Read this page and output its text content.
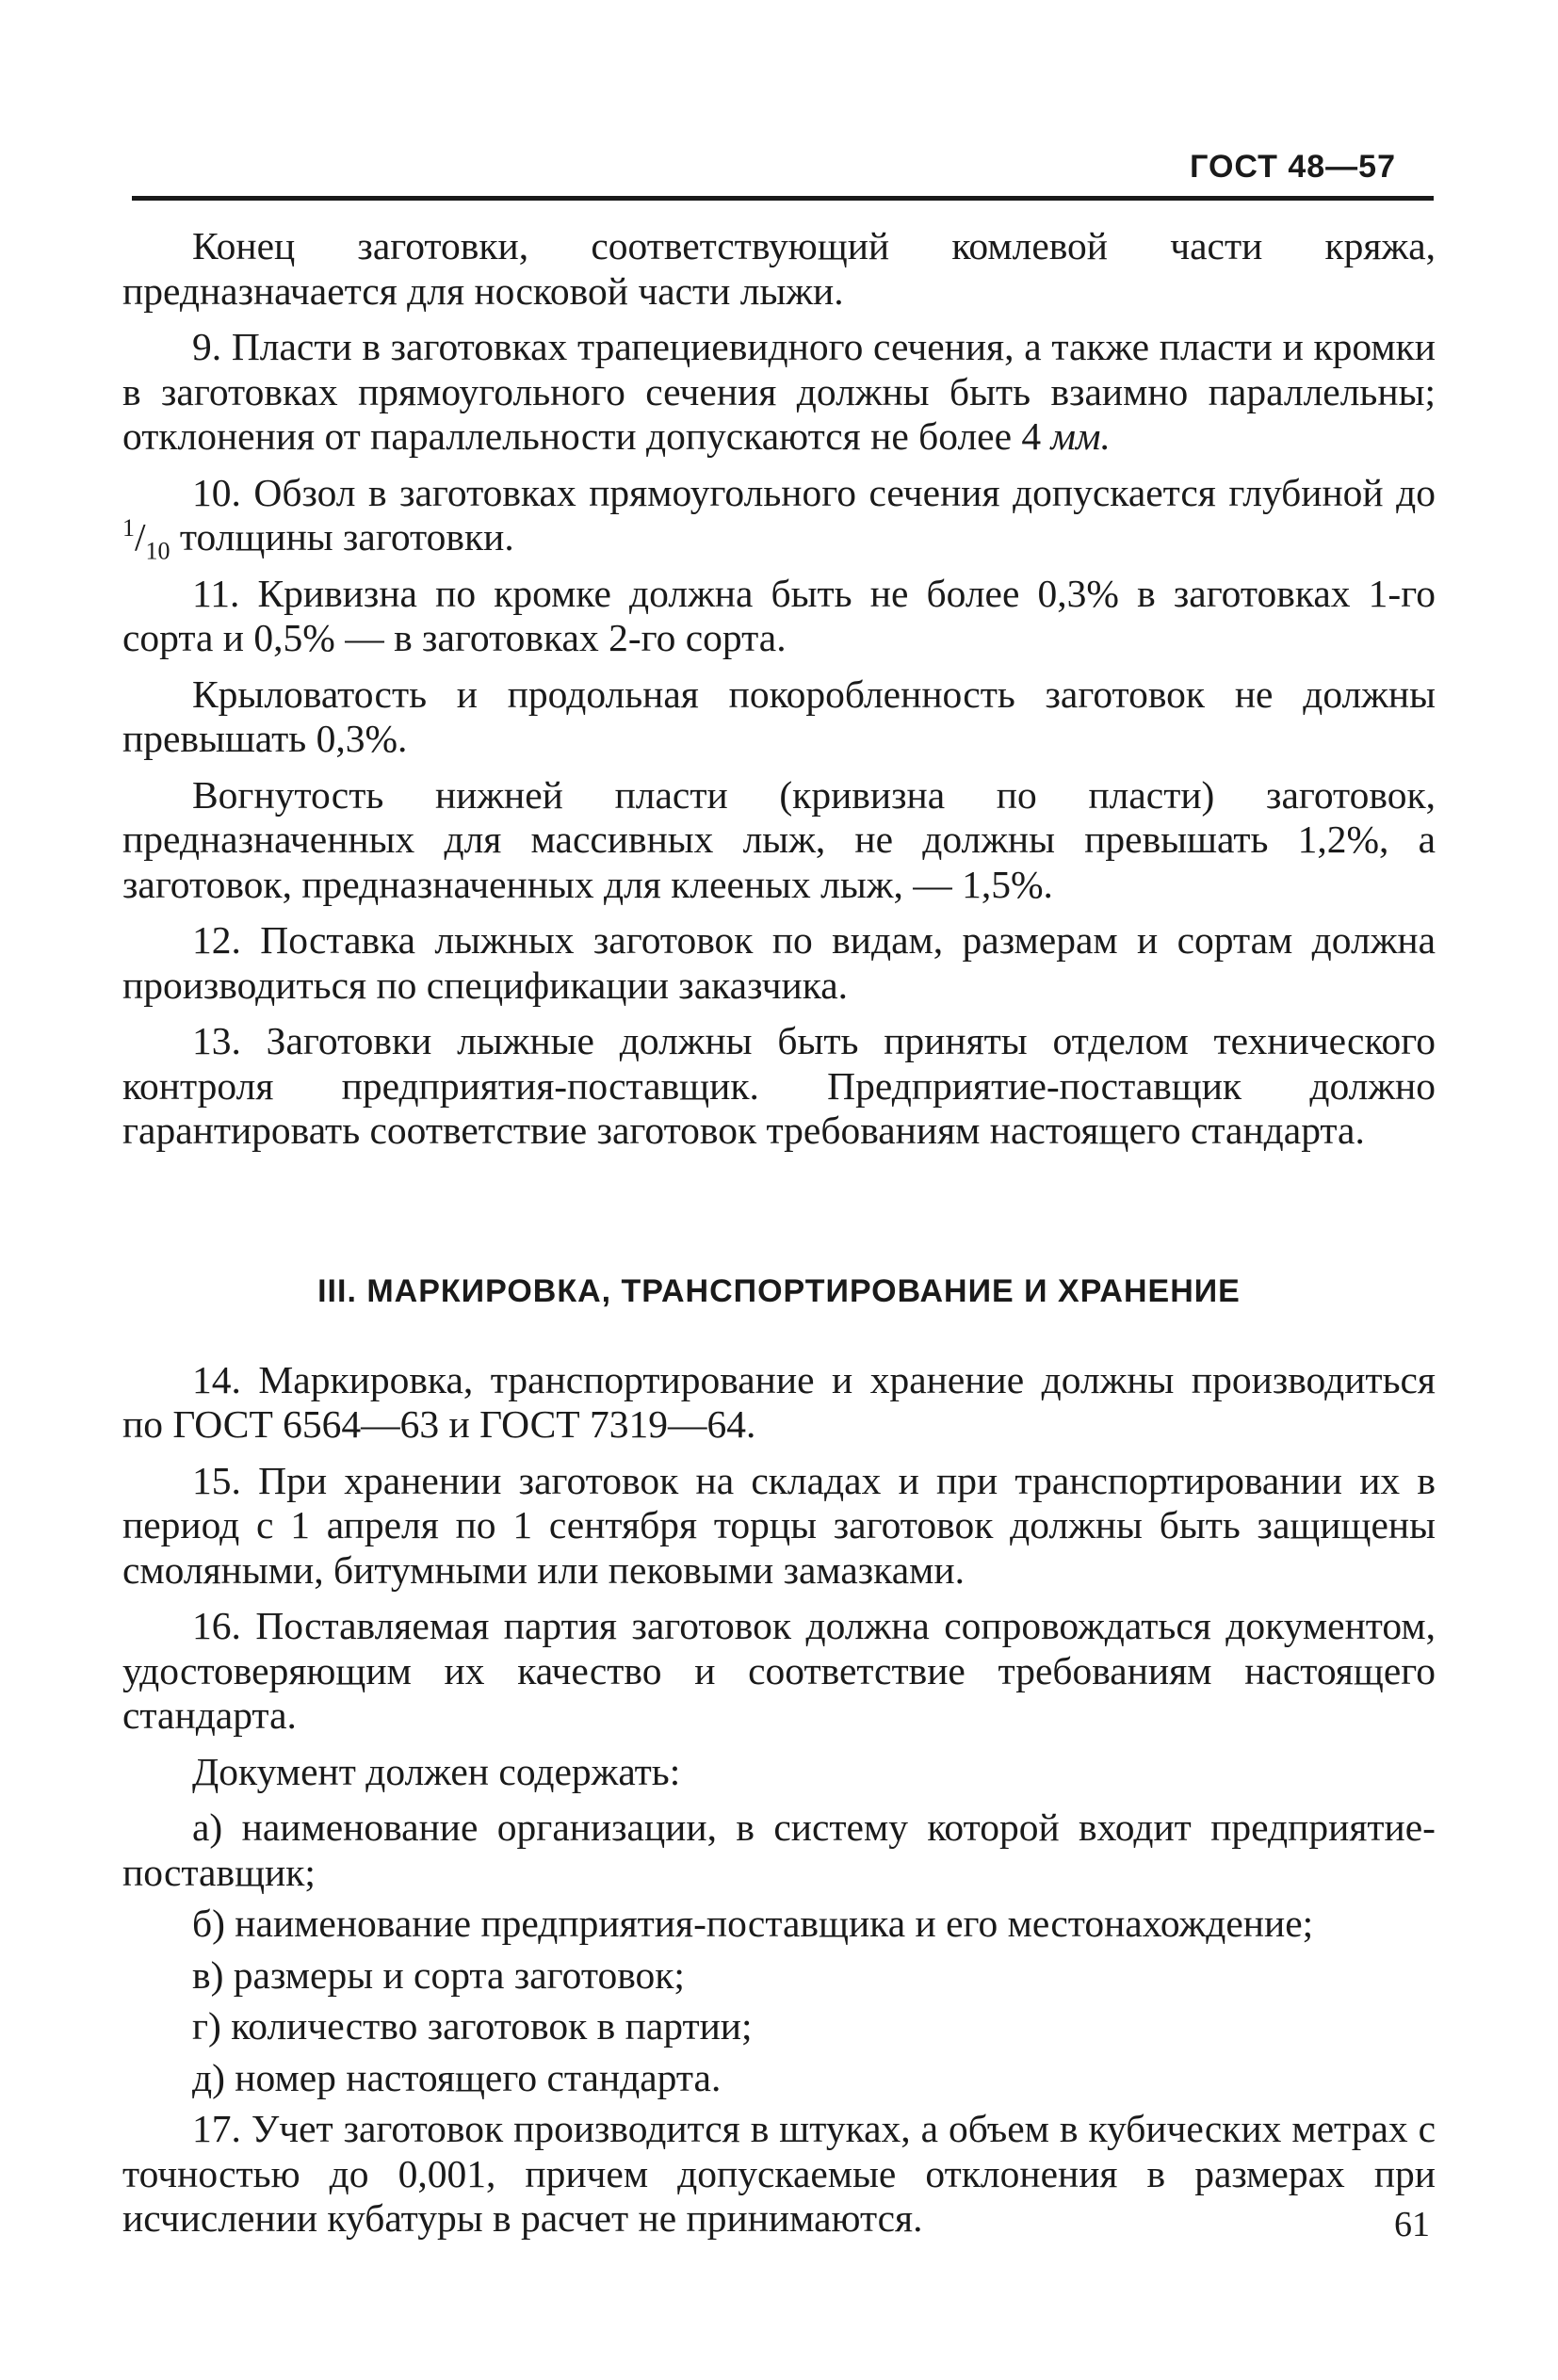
ГОСТ 48—57

Конец заготовки, соответствующий комлевой части кряжа, предназначается для носковой части лыжи.

9. Пласти в заготовках трапециевидного сечения, а также пласти и кромки в заготовках прямоугольного сечения должны быть взаимно параллельны; отклонения от параллельности допускаются не более 4 мм.

10. Обзол в заготовках прямоугольного сечения допускается глубиной до $^1/_{10}$ толщины заготовки.

11. Кривизна по кромке должна быть не более 0,3% в заготовках 1-го сорта и 0,5% — в заготовках 2-го сорта.

Крыловатость и продольная покоробленность заготовок не должны превышать 0,3%.

Вогнутость нижней пласти (кривизна по пласти) заготовок, предназначенных для массивных лыж, не должны превышать 1,2%, а заготовок, предназначенных для клееных лыж, — 1,5%.

12. Поставка лыжных заготовок по видам, размерам и сортам должна производиться по спецификации заказчика.

13. Заготовки лыжные должны быть приняты отделом технического контроля предприятия-поставщик. Предприятие-поставщик должно гарантировать соответствие заготовок требованиям настоящего стандарта.

III. МАРКИРОВКА, ТРАНСПОРТИРОВАНИЕ И ХРАНЕНИЕ

14. Маркировка, транспортирование и хранение должны производиться по ГОСТ 6564—63 и ГОСТ 7319—64.

15. При хранении заготовок на складах и при транспортировании их в период с 1 апреля по 1 сентября торцы заготовок должны быть защищены смоляными, битумными или пековыми замазками.

16. Поставляемая партия заготовок должна сопровождаться документом, удостоверяющим их качество и соответствие требованиям настоящего стандарта.

Документ должен содержать:

а) наименование организации, в систему которой входит предприятие-поставщик;

б) наименование предприятия-поставщика и его местонахождение;

в) размеры и сорта заготовок;

г) количество заготовок в партии;

д) номер настоящего стандарта.

17. Учет заготовок производится в штуках, а объем в кубических метрах с точностью до 0,001, причем допускаемые отклонения в размерах при исчислении кубатуры в расчет не принимаются.	61
